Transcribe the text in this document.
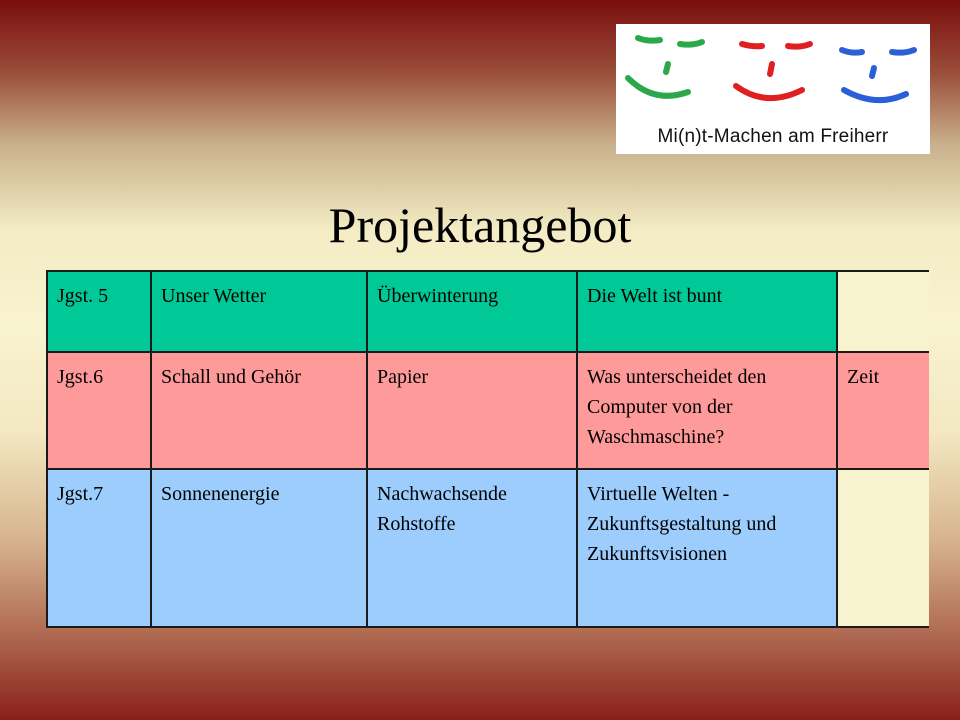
Mi(n)t-Machen am Freiherr
Projektangebot
Jgst. 5	Unser Wetter	Überwinterung	Die Welt ist bunt	
Jgst.6	Schall und Gehör	Papier	Was unterscheidet den Computer von der Waschmaschine?	Zeit
Jgst.7	Sonnenenergie	Nachwachsende Rohstoffe	Virtuelle Welten - Zukunftsgestaltung und Zukunftsvisionen	
